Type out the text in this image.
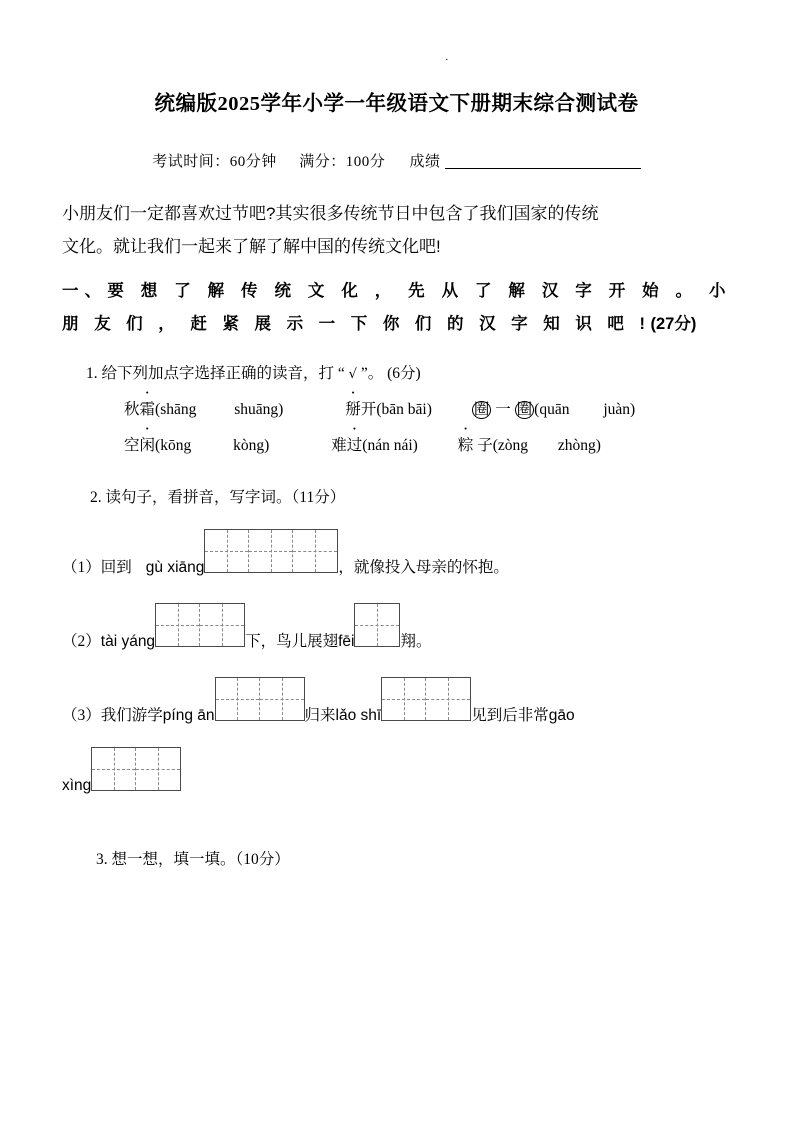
·
统编版2025学年小学一年级语文下册期末综合测试卷
考试时间：60分钟 满分：100分 成绩
小朋友们一定都喜欢过节吧?其实很多传统节日中包含了我们国家的传统
文化。就让我们一起来了解了解中国的传统文化吧!
一、要 想 了 解 传 统 文 化 ， 先 从 了 解 汉 字 开 始 。 小 朋 友 们 ， 赶 紧 展 示 一 下 你 们 的 汉 字 知 识 吧 !(27分)
1. 给下列加点字选择正确的读音，打 “ √ ”。 (6分)
秋霜(shāng shuāng)	掰开(bān bāi)	圈 一 圈 (quān juàn)
空闲(kōng	kòng)	难过(nán nái)	粽 子(zòng zhòng)
2. 读句子，看拼音，写字词。（11分）
（1） 回到 gù xiāng	，就像投入母亲的怀抱。
（2） tài yáng	下，鸟儿展翅 fēi	翔。
（3） 我们游学 píng ān	归来 lǎo shī	见到后非常 gāo
xìng
3. 想一想，填一填。（10分）
